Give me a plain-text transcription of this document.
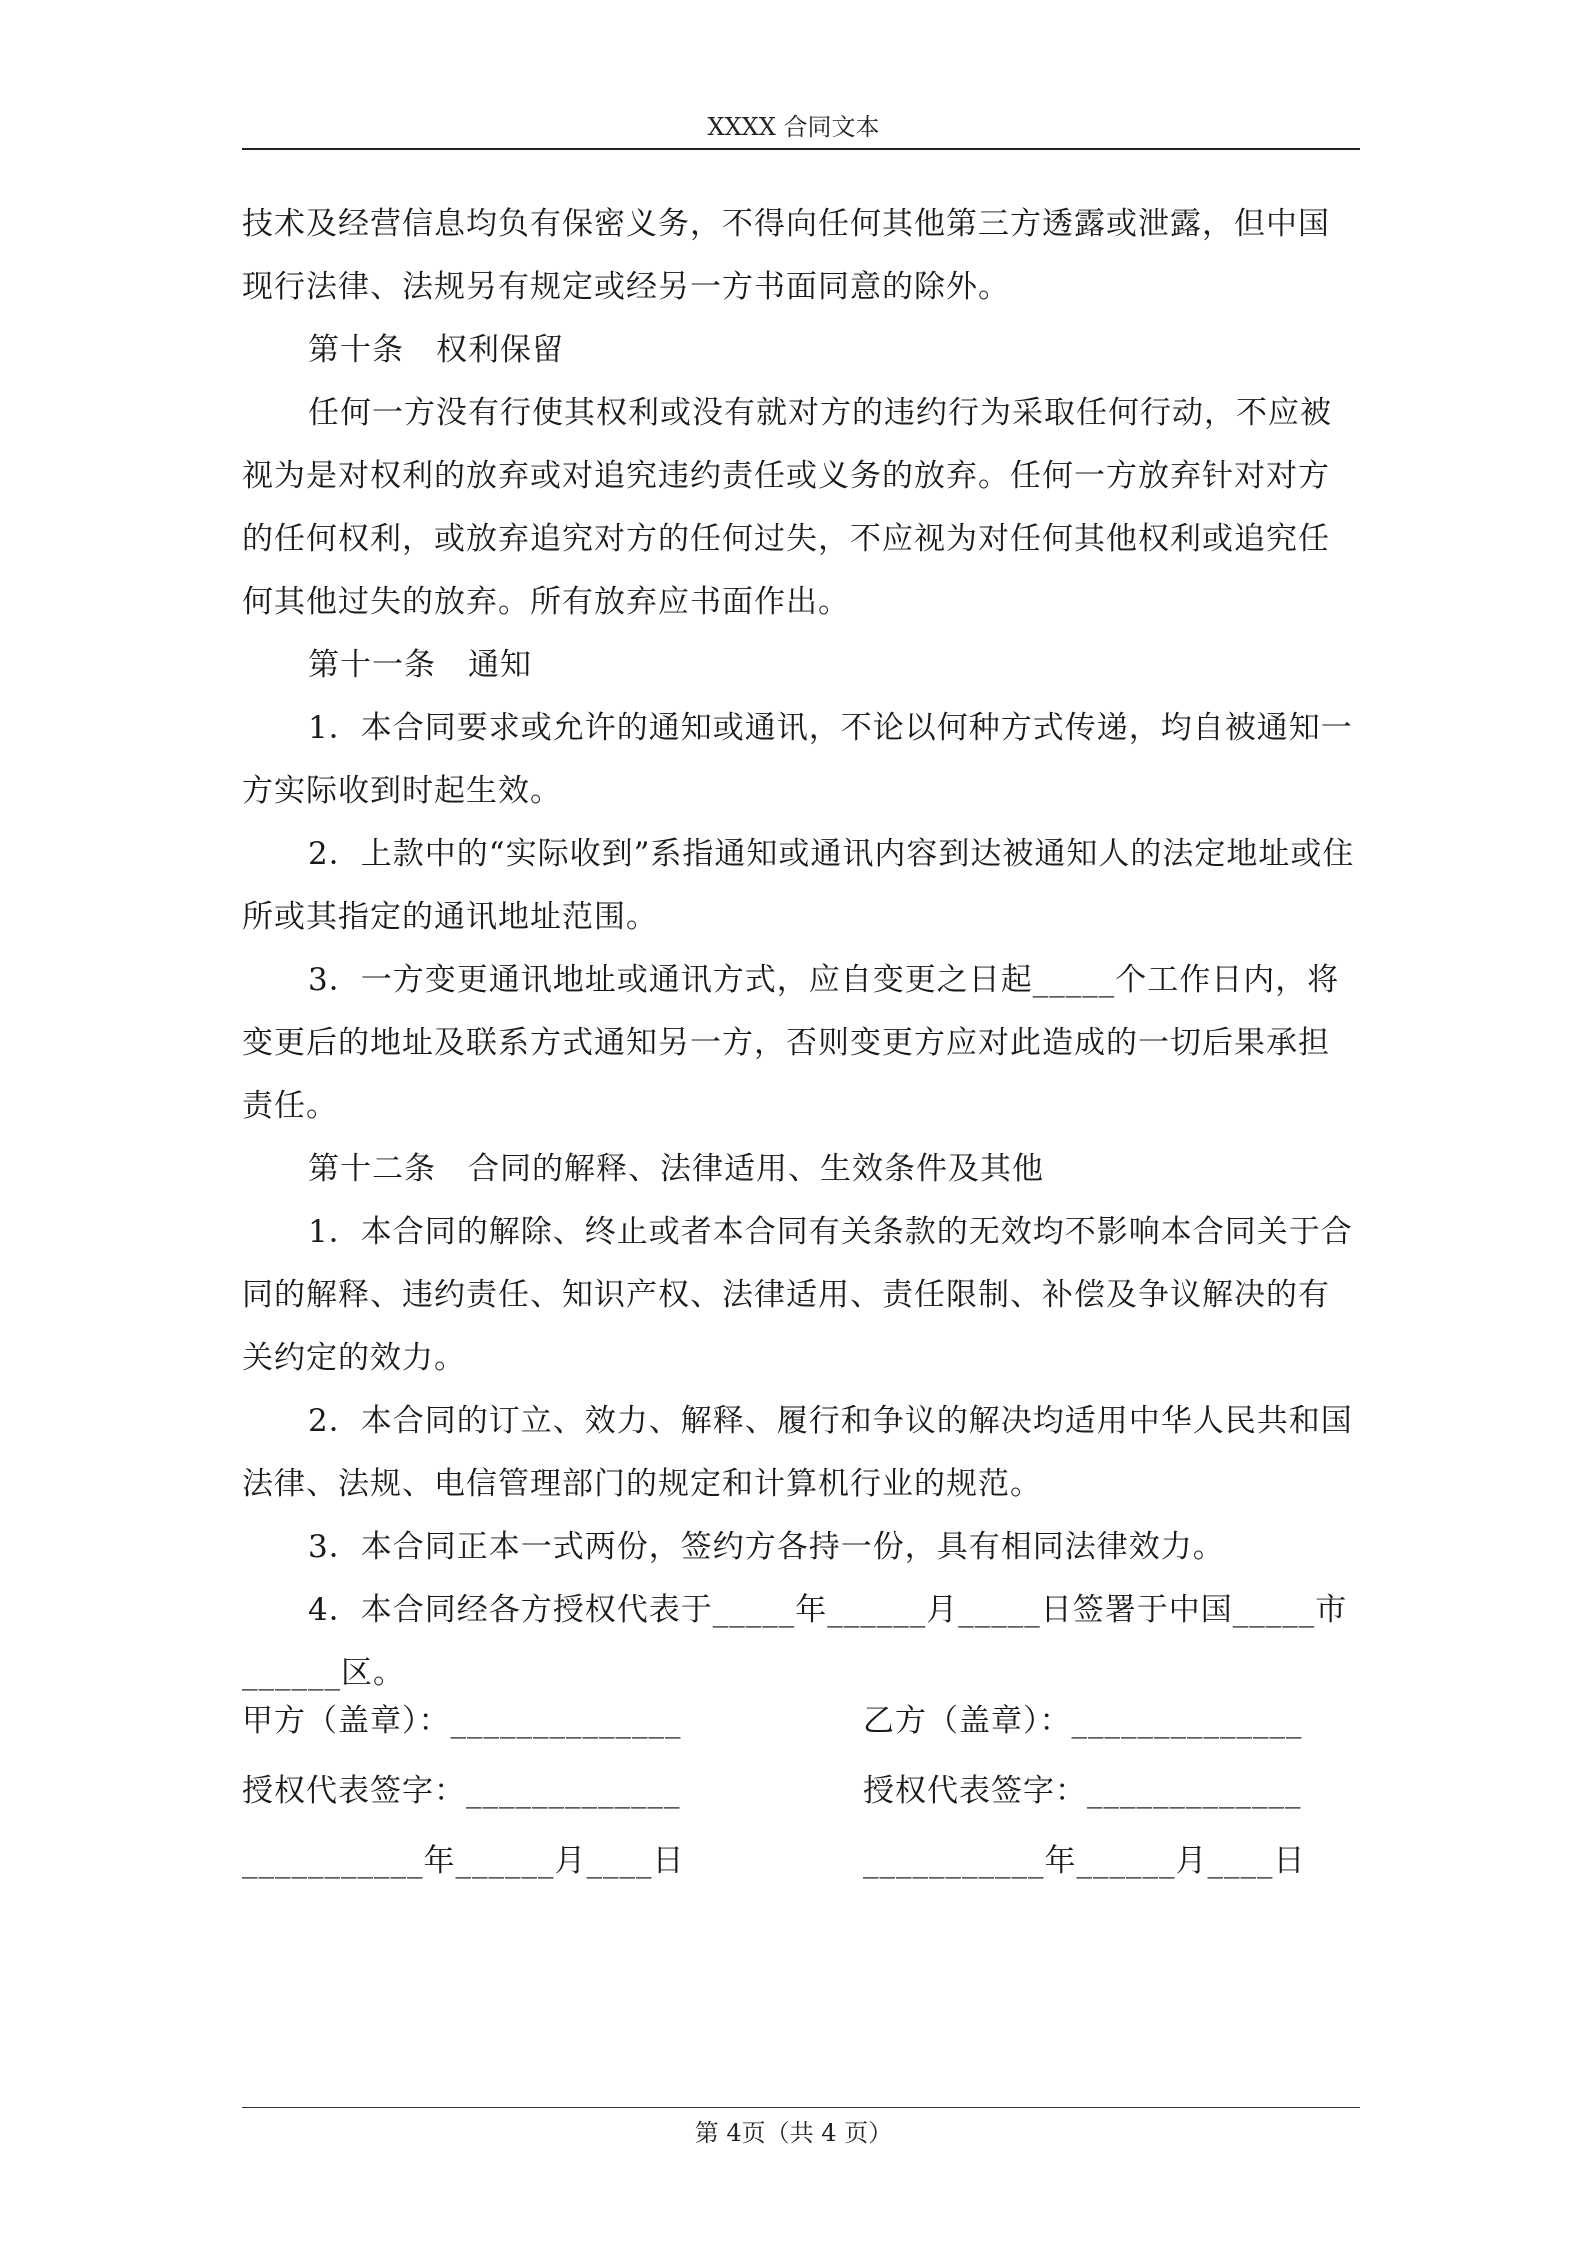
XXXX 合同文本

技术及经营信息均负有保密义务，不得向任何其他第三方透露或泄露，但中国现行法律、法规另有规定或经另一方书面同意的除外。

第十条　权利保留

任何一方没有行使其权利或没有就对方的违约行为采取任何行动，不应被视为是对权利的放弃或对追究违约责任或义务的放弃。任何一方放弃针对对方的任何权利，或放弃追究对方的任何过失，不应视为对任何其他权利或追究任何其他过失的放弃。所有放弃应书面作出。

第十一条　通知

1．本合同要求或允许的通知或通讯，不论以何种方式传递，均自被通知一方实际收到时起生效。

2．上款中的“实际收到”系指通知或通讯内容到达被通知人的法定地址或住所或其指定的通讯地址范围。

3．一方变更通讯地址或通讯方式，应自变更之日起_____个工作日内，将变更后的地址及联系方式通知另一方，否则变更方应对此造成的一切后果承担责任。

第十二条　合同的解释、法律适用、生效条件及其他

1．本合同的解除、终止或者本合同有关条款的无效均不影响本合同关于合同的解释、违约责任、知识产权、法律适用、责任限制、补偿及争议解决的有关约定的效力。

2．本合同的订立、效力、解释、履行和争议的解决均适用中华人民共和国法律、法规、电信管理部门的规定和计算机行业的规范。

3．本合同正本一式两份，签约方各持一份，具有相同法律效力。

4．本合同经各方授权代表于_____年______月_____日签署于中国_____市______区。

甲方（盖章）：______________
授权代表签字：_____________
___________年______月____日
乙方（盖章）：______________
授权代表签字：_____________
___________年______月____日
第 4页（共 4 页）
